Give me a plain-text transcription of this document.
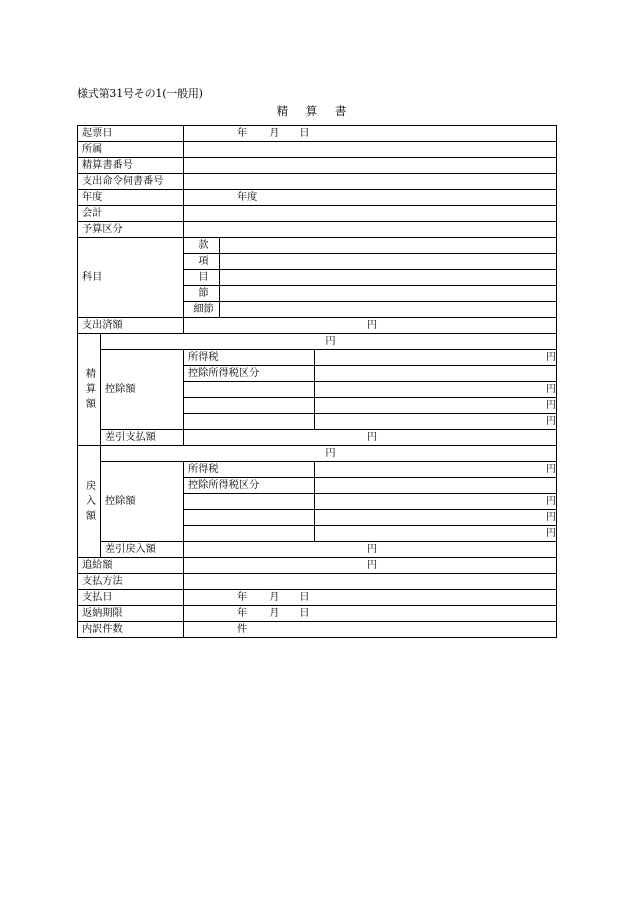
様式第31号その1(一般用)
精 算 書
起票日		年 月 日		
所属				
精算書番号				
支出命令伺書番号				
年度		年度		
会計				
予算区分				
科目		款		
		項		
		目		
		節		
		細節		
支出済額		円		

精
算
額	円			
	控除額	所得税		円
		控除所得税区分		
				円
				円
				円
	差引支払額	円		

戻
入
額	円			
	控除額	所得税		円
		控除所得税区分		
				円
				円
				円
	差引戻入額	円		
追給額		円		
支払方法				
支払日		年 月 日		
返納期限		年 月 日		
内訳件数		件		
